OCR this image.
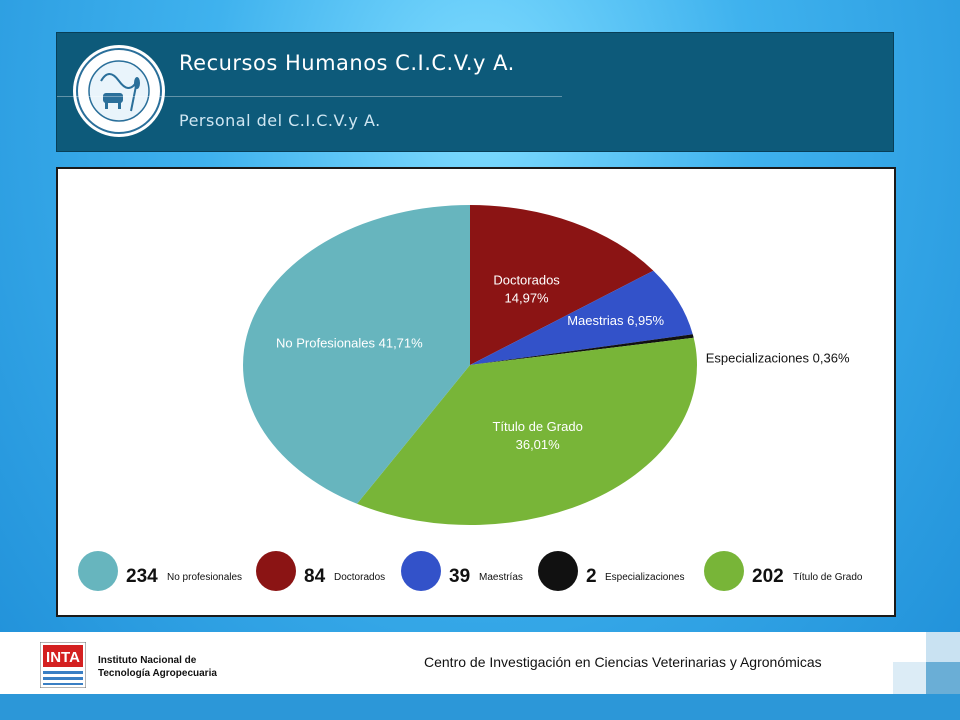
Recursos Humanos C.I.C.V.y A.
Personal del C.I.C.V.y A.
Doctorados
14,97%
Maestrias 6,95%
Especializaciones 0,36%
Título de Grado
36,01%
No Profesionales 41,71%
234 No profesionales	84 Doctorados	39 Maestrías	2 Especializaciones	202 Título de Grado
INTA Instituto Nacional de
Tecnología Agropecuaria
Centro de Investigación en Ciencias Veterinarias y Agronómicas
